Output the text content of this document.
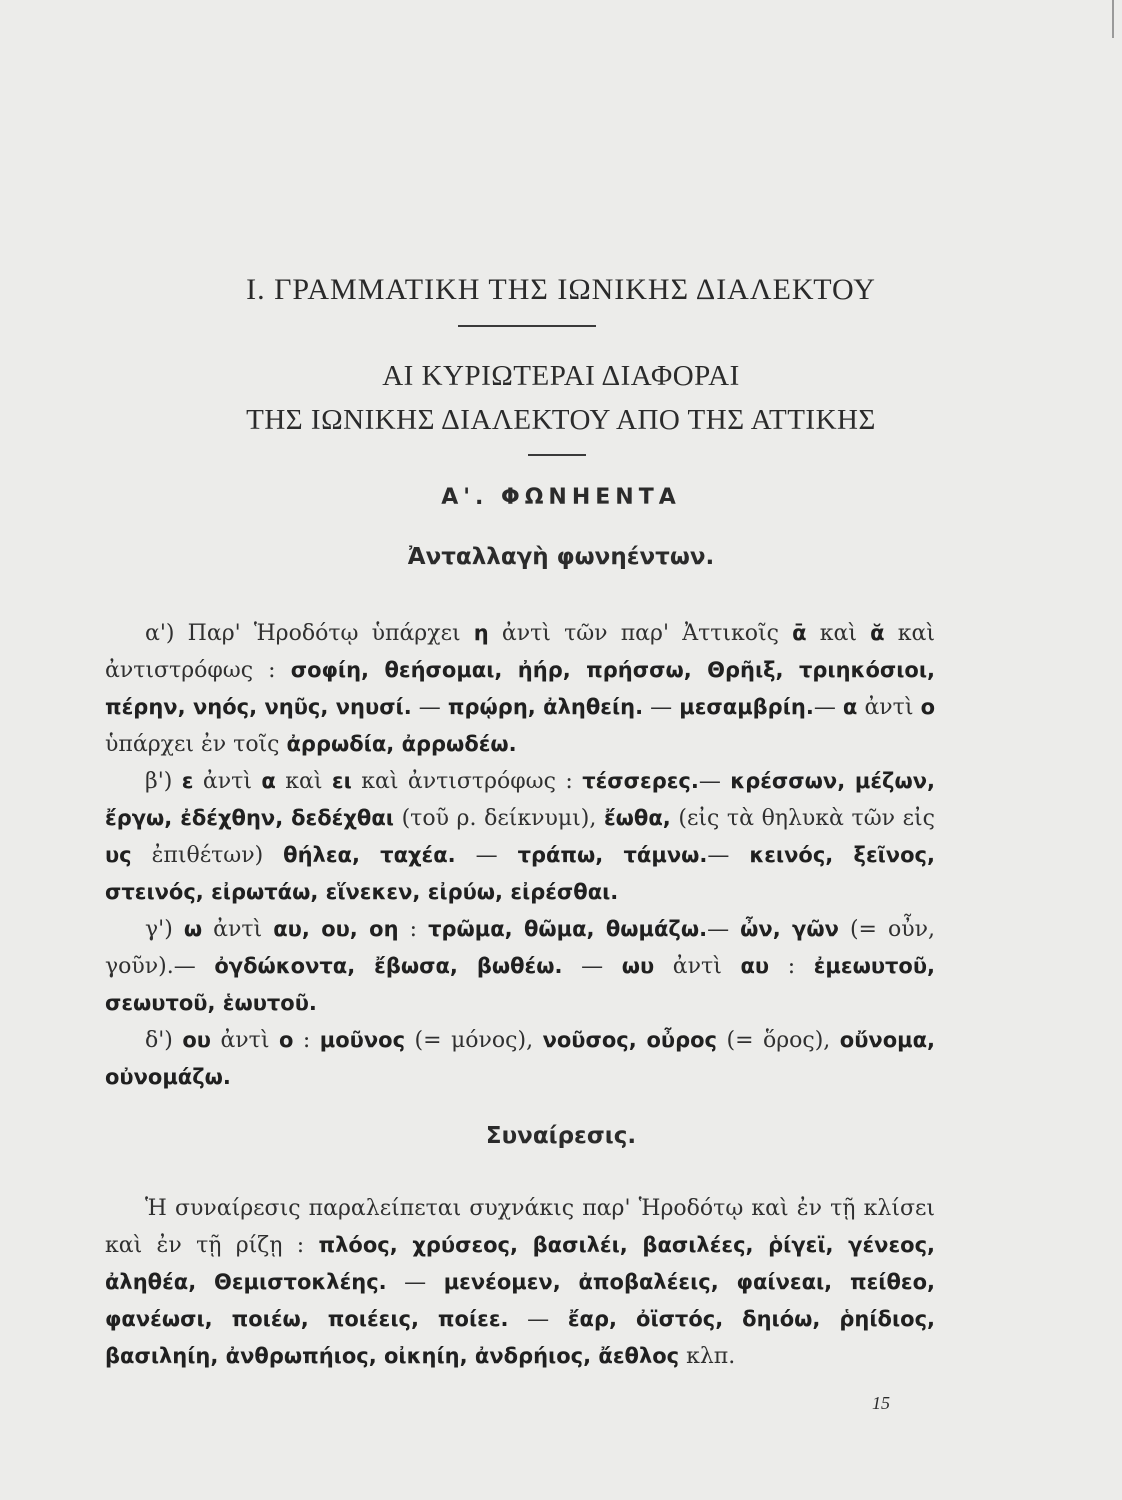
Ι. ΓΡΑΜΜΑΤΙΚΗ ΤΗΣ ΙΩΝΙΚΗΣ ΔΙΑΛΕΚΤΟΥ
ΑΙ ΚΥΡΙΩΤΕΡΑΙ ΔΙΑΦΟΡΑΙ
ΤΗΣ ΙΩΝΙΚΗΣ ΔΙΑΛΕΚΤΟΥ ΑΠΟ ΤΗΣ ΑΤΤΙΚΗΣ
Α'. ΦΩΝΗΕΝΤΑ
Ἀνταλλαγὴ φωνηέντων.

α') Παρ' Ἡροδότῳ ὑπάρχει η ἀντὶ τῶν παρ' Ἀττικοῖς ᾱ καὶ ᾰ καὶ ἀντιστρόφως : σοφίη, θεήσομαι, ἠήρ, πρήσσω, Θρῆιξ, τριηκόσιοι, πέρην, νηός, νηῦς, νηυσί. — πρῴρη, ἀληθείη. — μεσαμβρίη.— α ἀντὶ ο ὑπάρχει ἐν τοῖς ἀρρωδία, ἀρρωδέω.

β') ε ἀντὶ α καὶ ει καὶ ἀντιστρόφως : τέσσερες.— κρέσσων, μέζων, ἔργω, ἐδέχθην, δεδέχθαι (τοῦ ρ. δείκνυμι), ἔωθα, (εἰς τὰ θηλυκὰ τῶν εἰς υς ἐπιθέτων) θήλεα, ταχέα. — τράπω, τάμνω.— κεινός, ξεῖνος, στεινός, εἰρωτάω, εἵνεκεν, εἰρύω, εἰρέσθαι.

γ') ω ἀντὶ αυ, ου, οη : τρῶμα, θῶμα, θωμάζω.— ὦν, γῶν (= οὖν, γοῦν).— ὀγδώκοντα, ἔβωσα, βωθέω. — ωυ ἀντὶ αυ : ἐμεωυτοῦ, σεωυτοῦ, ἑωυτοῦ.

δ') ου ἀντὶ ο : μοῦνος (= μόνος), νοῦσος, οὖρος (= ὅρος), οὔνομα, οὐνομάζω.

Συναίρεσις.

Ἡ συναίρεσις παραλείπεται συχνάκις παρ' Ἡροδότῳ καὶ ἐν τῇ κλίσει καὶ ἐν τῇ ρίζῃ : πλόος, χρύσεος, βασιλέι, βασιλέες, ῥίγεϊ, γένεος, ἀληθέα, Θεμιστοκλέης. — μενέομεν, ἀποβαλέεις, φαίνεαι, πείθεο, φανέωσι, ποιέω, ποιέεις, ποίεε. — ἔαρ, ὀϊστός, δηιόω, ῥηίδιος, βασιληίη, ἀνθρωπήιος, οἰκηίη, ἀνδρήιος, ἄεθλος κλπ.

15
